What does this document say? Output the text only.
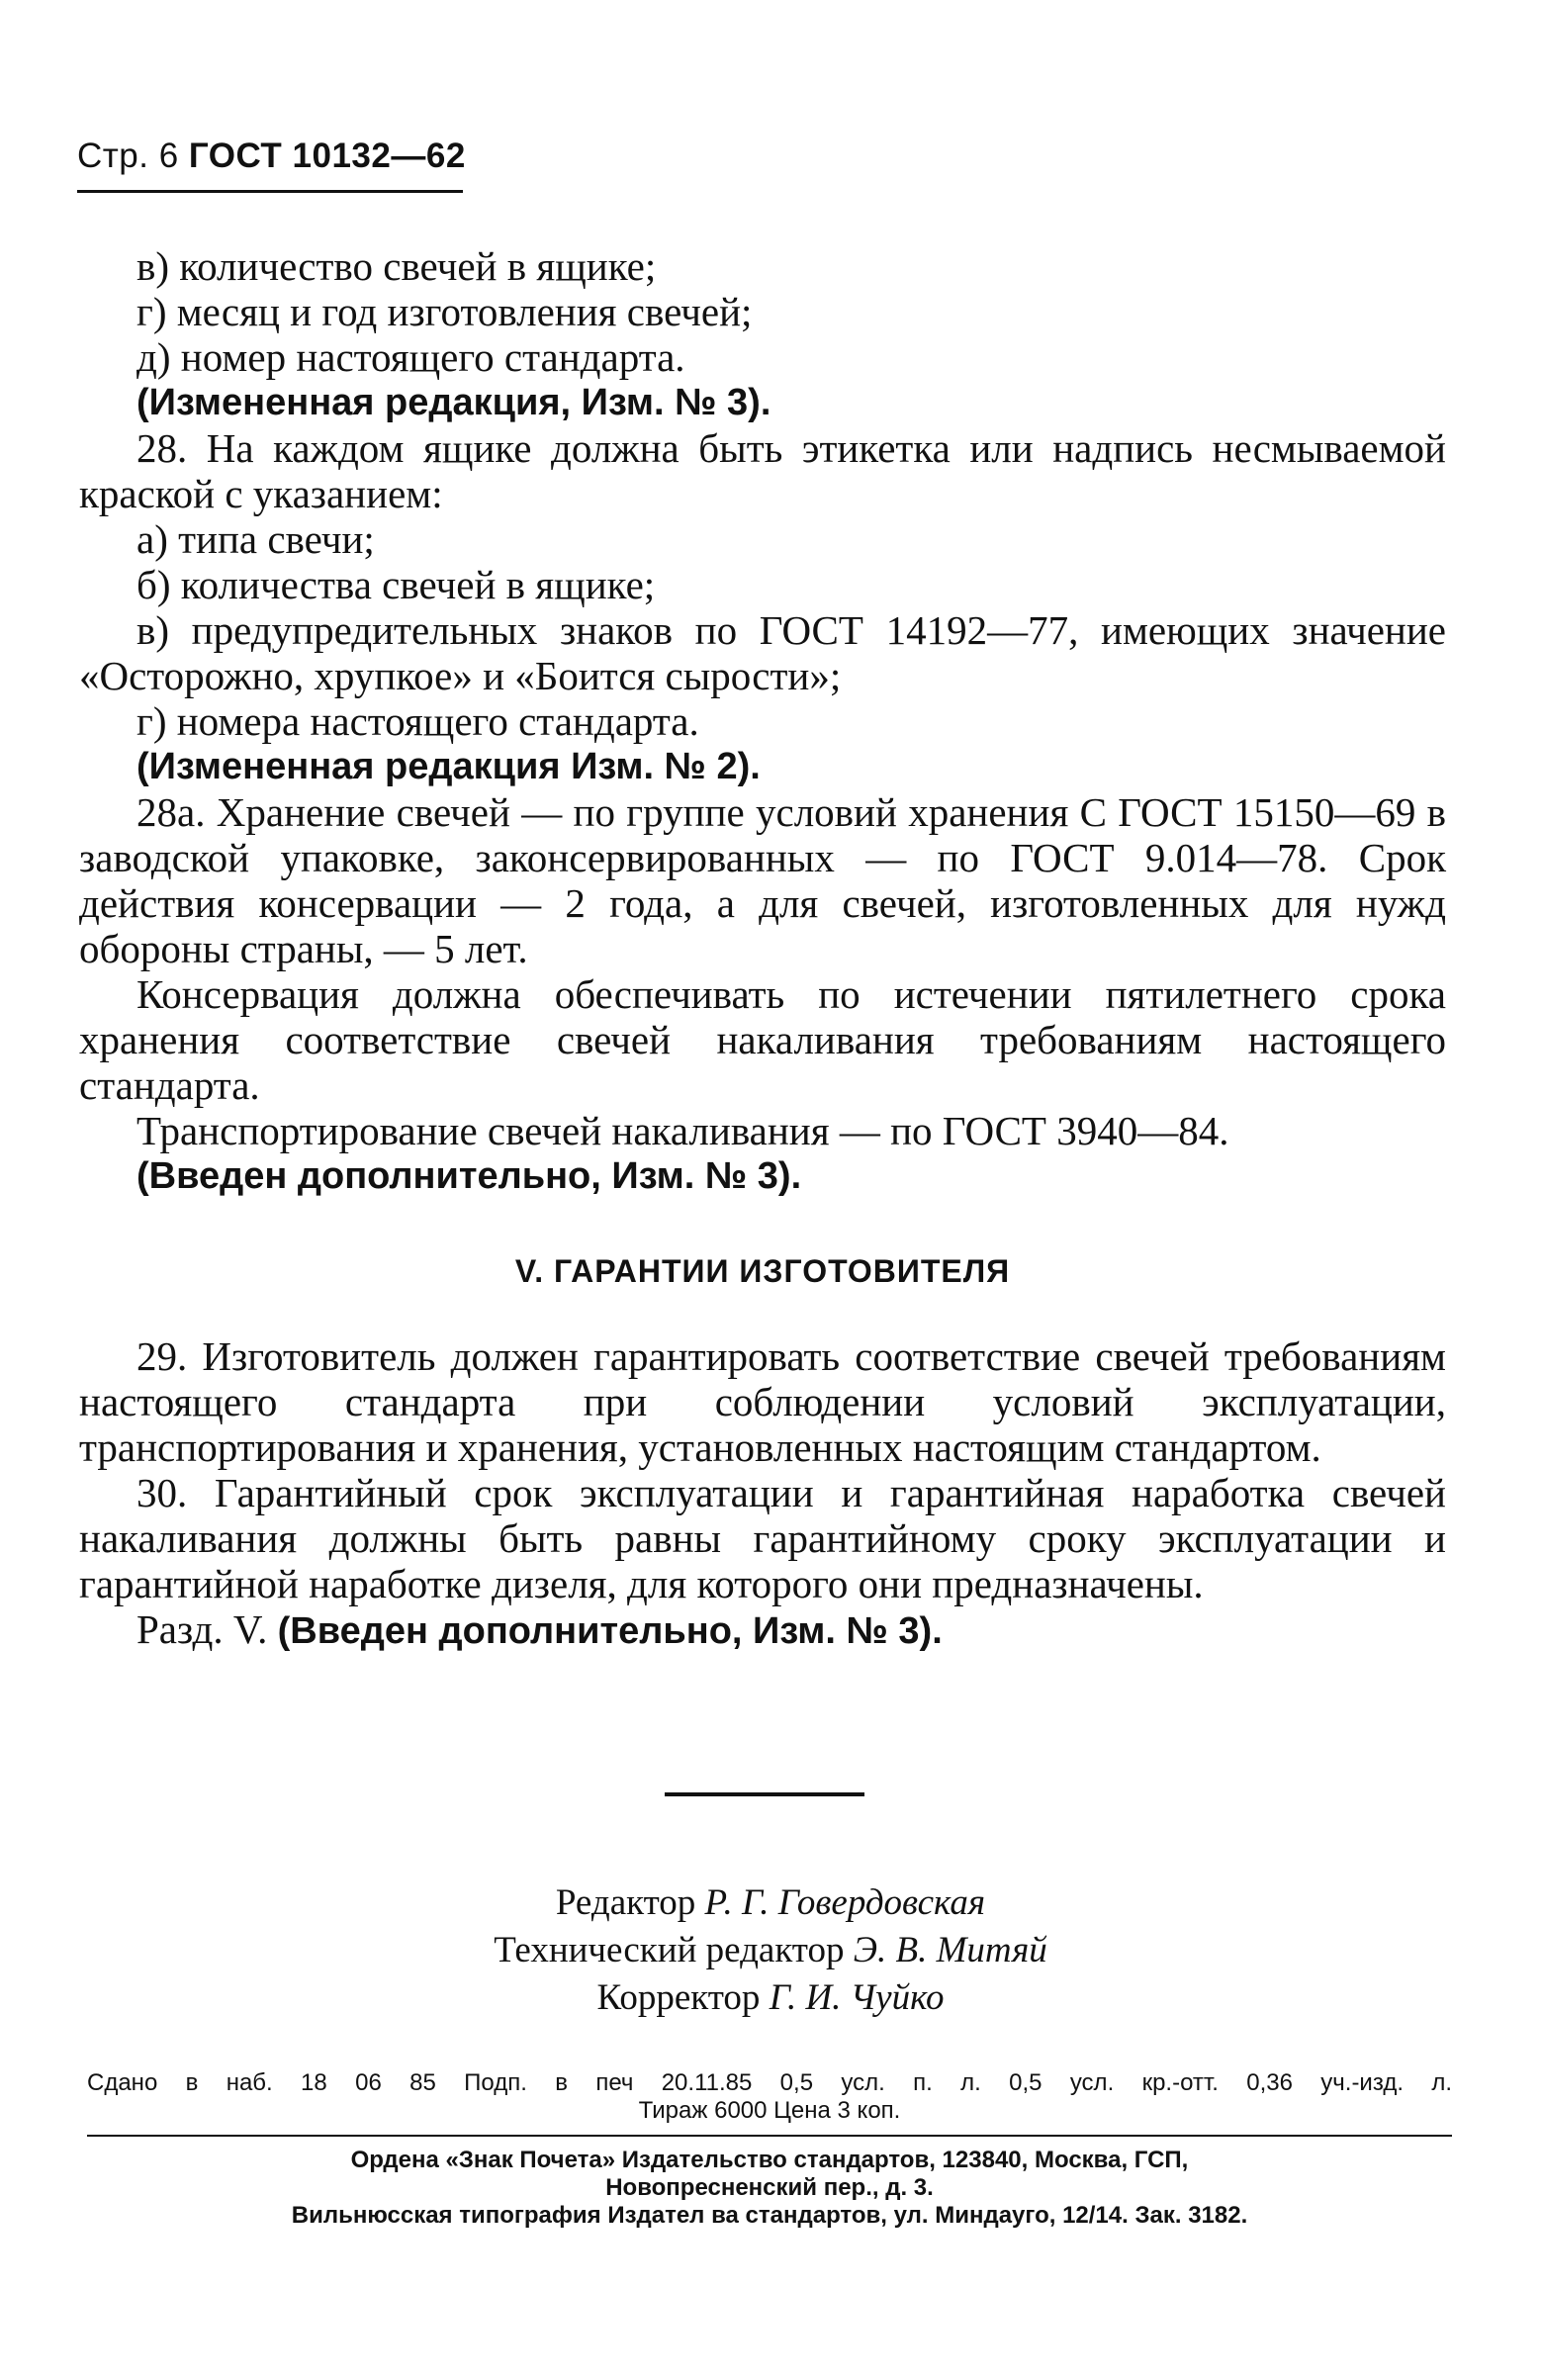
Стр. 6 ГОСТ 10132—62

в) количество свечей в ящике;

г) месяц и год изготовления свечей;

д) номер настоящего стандарта.

(Измененная редакция, Изм. № 3).

28. На каждом ящике должна быть этикетка или надпись несмываемой краской с указанием:

а) типа свечи;

б) количества свечей в ящике;

в) предупредительных знаков по ГОСТ 14192—77, имеющих значение «Осторожно, хрупкое» и «Боится сырости»;

г) номера настоящего стандарта.

(Измененная редакция Изм. № 2).

28а. Хранение свечей — по группе условий хранения С ГОСТ 15150—69 в заводской упаковке, законсервированных — по ГОСТ 9.014—78. Срок действия консервации — 2 года, а для свечей, изготовленных для нужд обороны страны, — 5 лет.

Консервация должна обеспечивать по истечении пятилетнего срока хранения соответствие свечей накаливания требованиям настоящего стандарта.

Транспортирование свечей накаливания — по ГОСТ 3940—84.

(Введен дополнительно, Изм. № 3).

V. ГАРАНТИИ ИЗГОТОВИТЕЛЯ

29. Изготовитель должен гарантировать соответствие свечей требованиям настоящего стандарта при соблюдении условий эксплуатации, транспортирования и хранения, установленных настоящим стандартом.

30. Гарантийный срок эксплуатации и гарантийная наработка свечей накаливания должны быть равны гарантийному сроку эксплуатации и гарантийной наработке дизеля, для которого они предназначены.

Разд. V. (Введен дополнительно, Изм. № 3).

Редактор Р. Г. Говердовская
Технический редактор Э. В. Митяй
Корректор Г. И. Чуйко
Сдано в наб. 18 06 85 Подп. в печ 20.11.85 0,5 усл. п. л. 0,5 усл. кр.-отт. 0,36 уч.-изд. л.
Тираж 6000 Цена 3 коп.
Ордена «Знак Почета» Издательство стандартов, 123840, Москва, ГСП,
Новопресненский пер., д. 3.
Вильнюсская типография Издател ва стандартов, ул. Миндауго, 12/14. Зак. 3182.
